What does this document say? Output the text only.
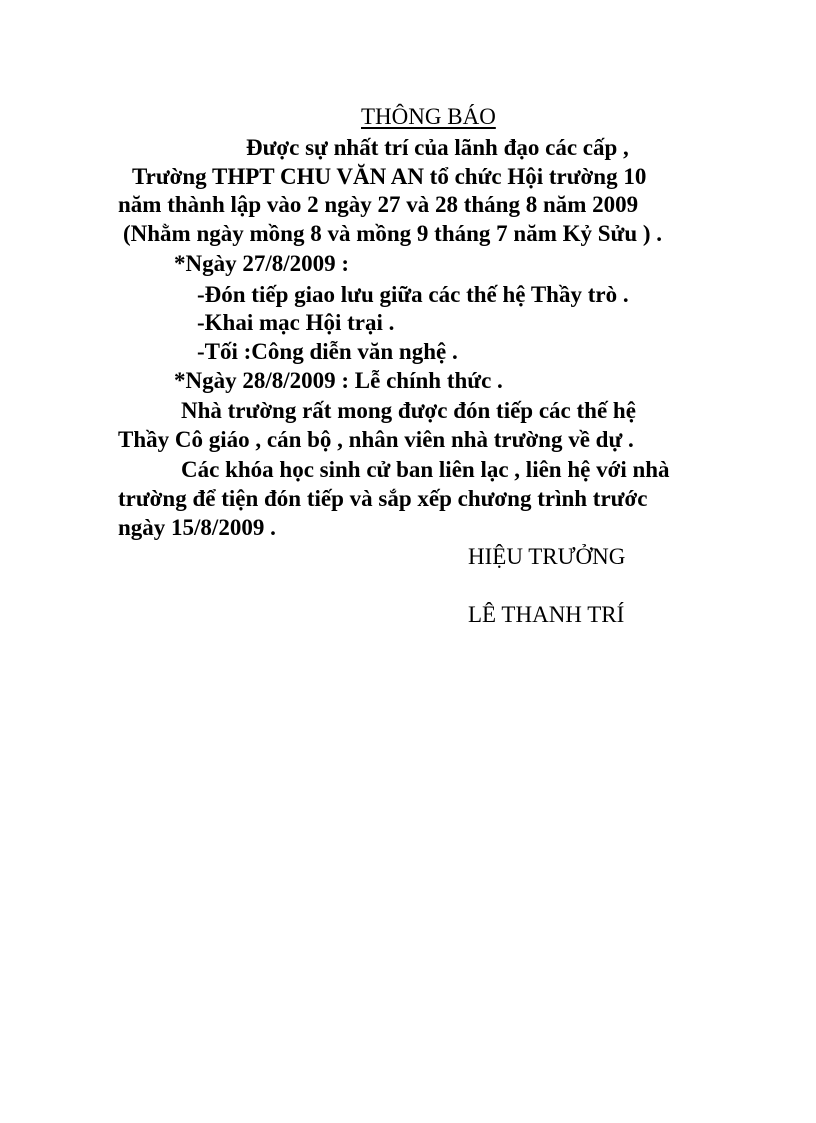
THÔNG BÁO
Được sự nhất trí của lãnh đạo các cấp ,
Trường THPT CHU VĂN AN tổ chức Hội trường 10
năm thành lập vào 2 ngày 27 và 28 tháng 8 năm 2009
(Nhằm ngày mồng 8 và mồng 9 tháng 7 năm Kỷ Sửu ) .
*Ngày 27/8/2009 :
-Đón tiếp giao lưu giữa các thế hệ Thầy trò .
-Khai mạc Hội trại .
-Tối :Công diễn văn nghệ .
*Ngày 28/8/2009 : Lễ chính thức .
Nhà trường rất mong được đón tiếp các thế hệ
Thầy Cô giáo , cán bộ , nhân viên nhà trường về dự .
Các khóa học sinh cử ban liên lạc , liên hệ với nhà
trường để tiện đón tiếp và sắp xếp chương trình trước
ngày 15/8/2009 .
HIỆU TRƯỞNG
LÊ THANH TRÍ
